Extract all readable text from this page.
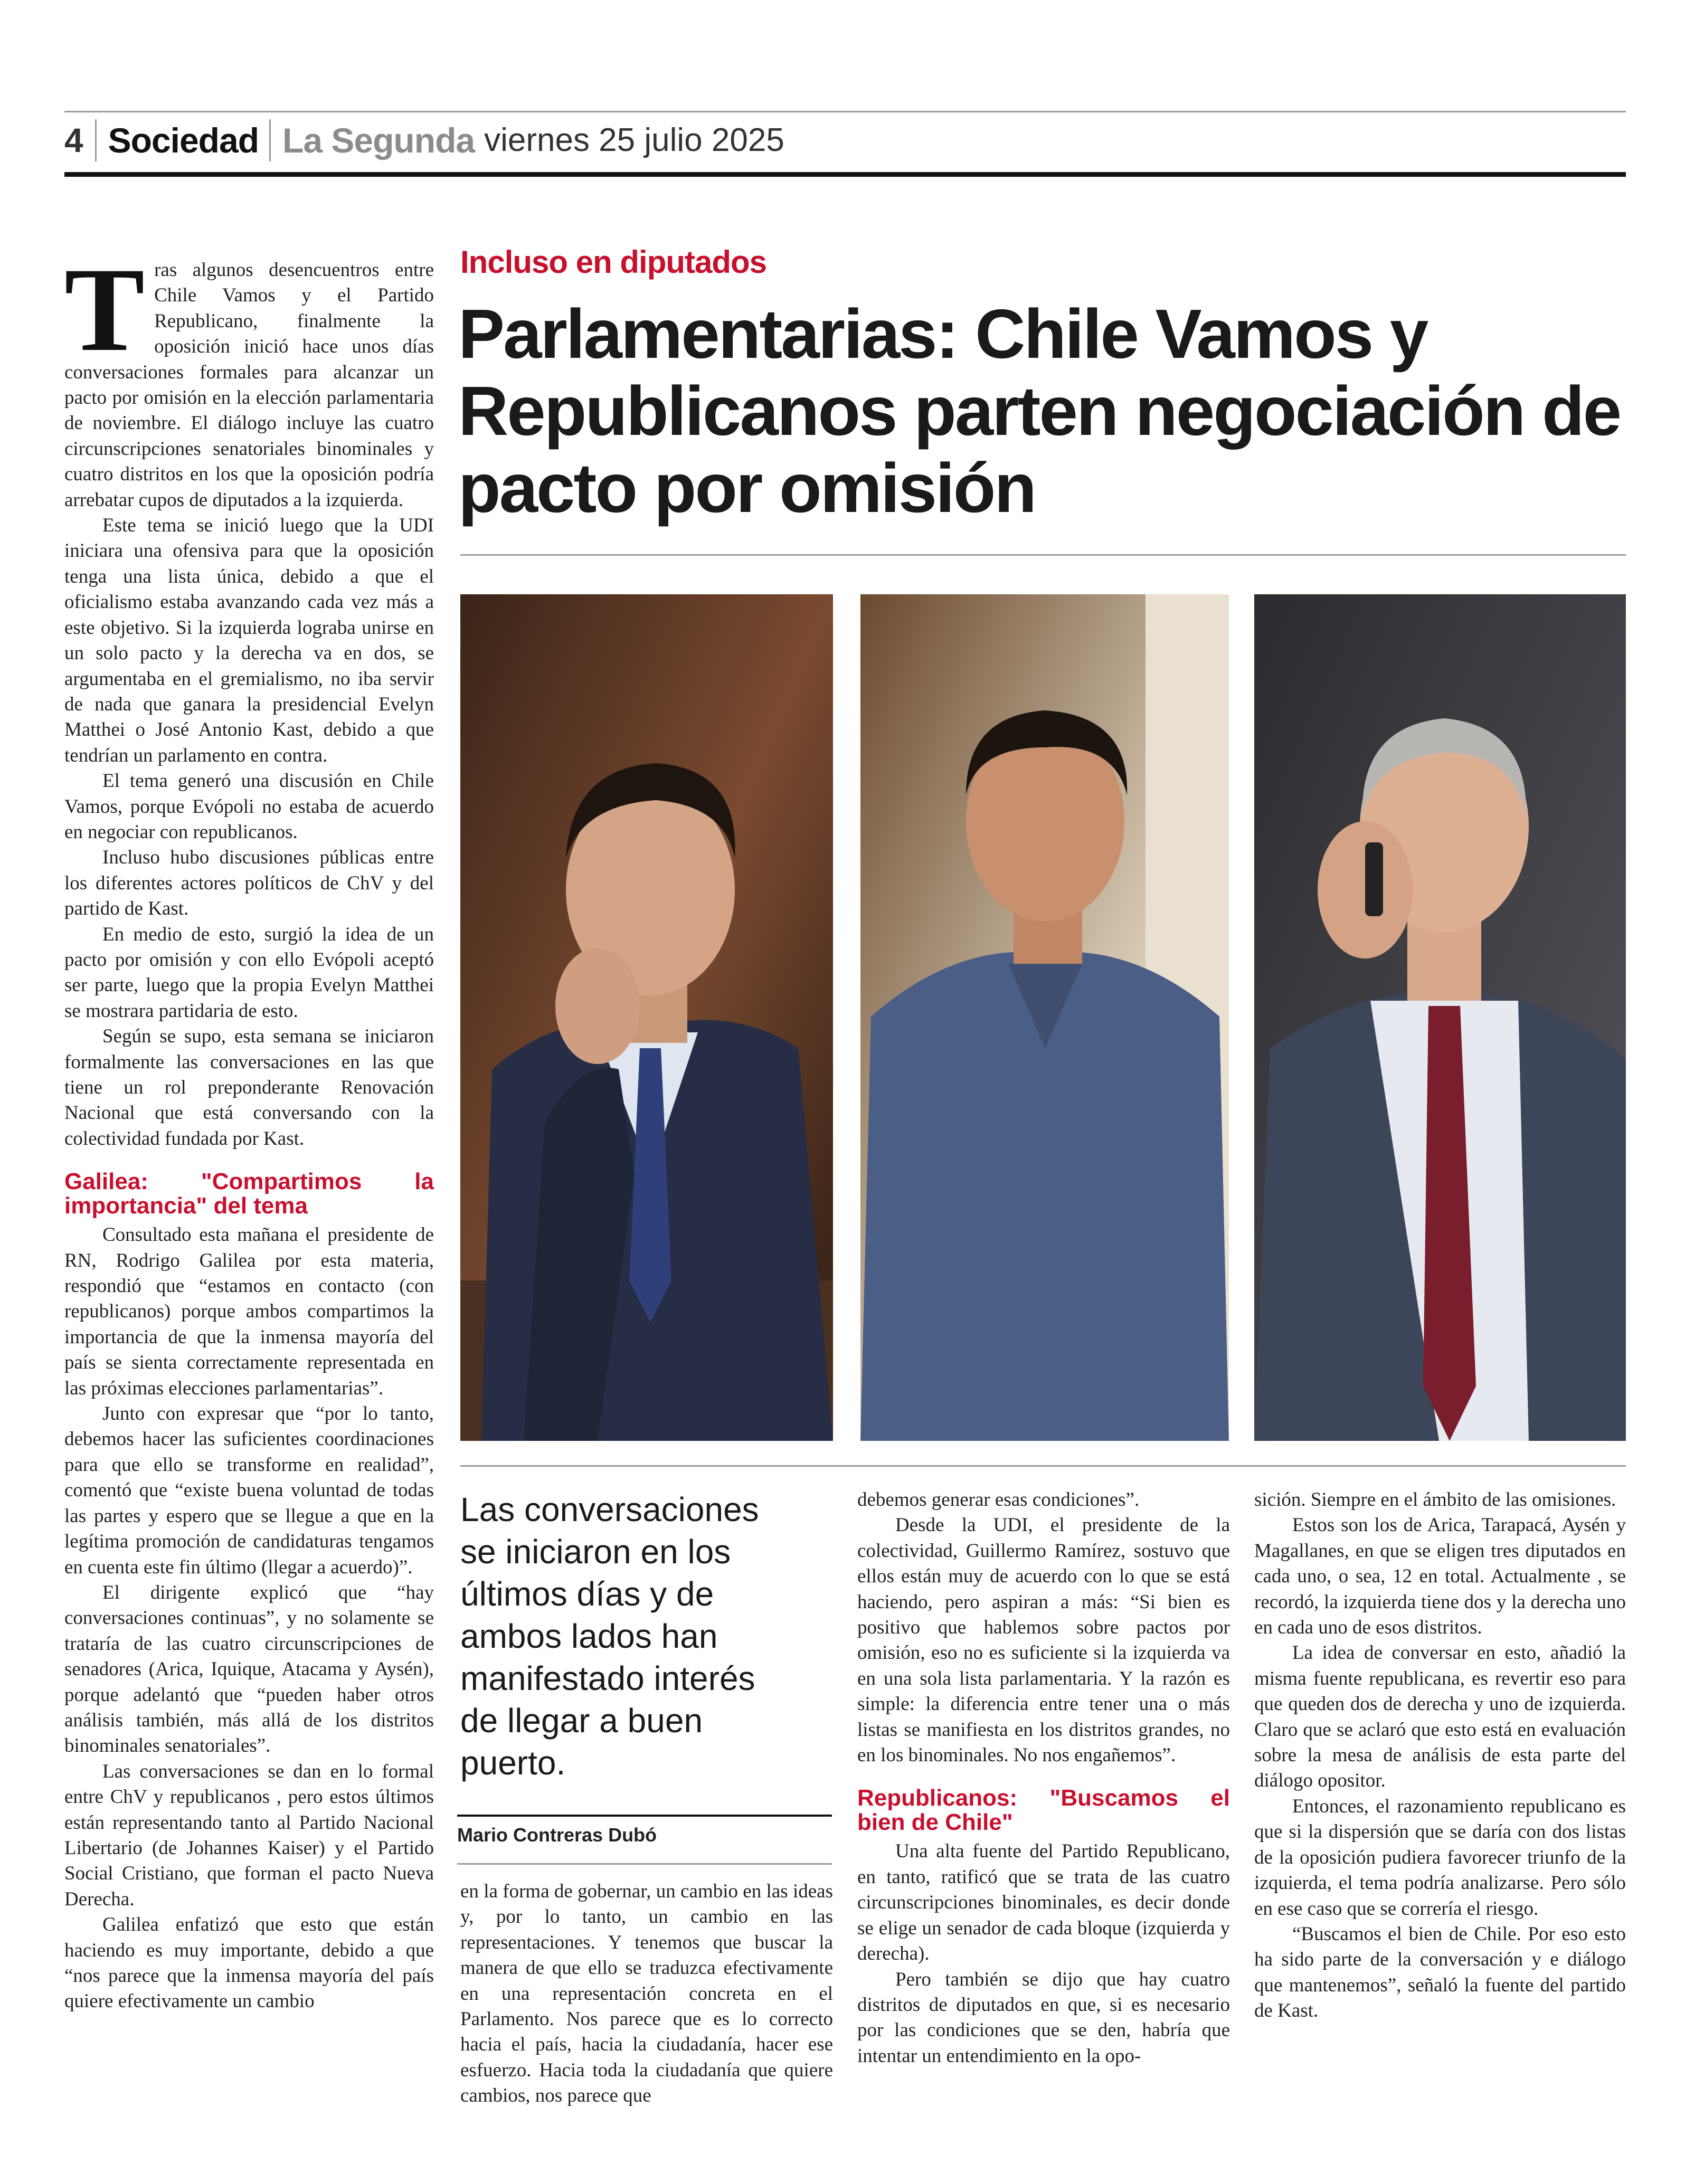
4 Sociedad La Segunda viernes 25 julio 2025

Tras algunos desencuentros entre Chile Vamos y el Partido Republicano, finalmente la oposición inició hace unos días conversaciones formales para alcanzar un pacto por omisión en la elección parlamentaria de noviembre. El diálogo incluye las cuatro circunscripciones senatoriales binominales y cuatro distritos en los que la oposición podría arrebatar cupos de diputados a la izquierda.

Este tema se inició luego que la UDI iniciara una ofensiva para que la oposición tenga una lista única, debido a que el oficialismo estaba avanzando cada vez más a este objetivo. Si la izquierda lograba unirse en un solo pacto y la derecha va en dos, se argumentaba en el gremialismo, no iba servir de nada que ganara la presidencial Evelyn Matthei o José Antonio Kast, debido a que tendrían un parlamento en contra.

El tema generó una discusión en Chile Vamos, porque Evópoli no estaba de acuerdo en negociar con republicanos.

Incluso hubo discusiones públicas entre los diferentes actores políticos de ChV y del partido de Kast.

En medio de esto, surgió la idea de un pacto por omisión y con ello Evópoli aceptó ser parte, luego que la propia Evelyn Matthei se mostrara partidaria de esto.

Según se supo, esta semana se iniciaron formalmente las conversaciones en las que tiene un rol preponderante Renovación Nacional que está conversando con la colectividad fundada por Kast.

Galilea: "Compartimos la importancia" del tema

Consultado esta mañana el presidente de RN, Rodrigo Galilea por esta materia, respondió que “estamos en contacto (con republicanos) porque ambos compartimos la importancia de que la inmensa mayoría del país se sienta correctamente representada en las próximas elecciones parlamentarias”.

Junto con expresar que “por lo tanto, debemos hacer las suficientes coordinaciones para que ello se transforme en realidad”, comentó que “existe buena voluntad de todas las partes y espero que se llegue a que en la legítima promoción de candidaturas tengamos en cuenta este fin último (llegar a acuerdo)”.

El dirigente explicó que “hay conversaciones continuas”, y no solamente se trataría de las cuatro circunscripciones de senadores (Arica, Iquique, Atacama y Aysén), porque adelantó que “pueden haber otros análisis también, más allá de los distritos binominales senatoriales”.

Las conversaciones se dan en lo formal entre ChV y republicanos , pero estos últimos están representando tanto al Partido Nacional Libertario (de Johannes Kaiser) y el Partido Social Cristiano, que forman el pacto Nueva Derecha.

Galilea enfatizó que esto que están haciendo es muy importante, debido a que “nos parece que la inmensa mayoría del país quiere efectivamente un cambio

Incluso en diputados
Parlamentarias: Chile Vamos y Republicanos parten negociación de pacto por omisión
Las conversaciones se iniciaron en los últimos días y de ambos lados han manifestado interés de llegar a buen puerto.
Mario Contreras Dubó

en la forma de gobernar, un cambio en las ideas y, por lo tanto, un cambio en las representaciones. Y tenemos que buscar la manera de que ello se traduzca efectivamente en una representación concreta en el Parlamento. Nos parece que es lo correcto hacia el país, hacia la ciudadanía, hacer ese esfuerzo. Hacia toda la ciudadanía que quiere cambios, nos parece que

debemos generar esas condiciones”.

Desde la UDI, el presidente de la colectividad, Guillermo Ramírez, sostuvo que ellos están muy de acuerdo con lo que se está haciendo, pero aspiran a más: “Si bien es positivo que hablemos sobre pactos por omisión, eso no es suficiente si la izquierda va en una sola lista parlamentaria. Y la razón es simple: la diferencia entre tener una o más listas se manifiesta en los distritos grandes, no en los binominales. No nos engañemos”.

Republicanos: "Buscamos el bien de Chile"

Una alta fuente del Partido Republicano, en tanto, ratificó que se trata de las cuatro circunscripciones binominales, es decir donde se elige un senador de cada bloque (izquierda y derecha).

Pero también se dijo que hay cuatro distritos de diputados en que, si es necesario por las condiciones que se den, habría que intentar un entendimiento en la opo-

sición. Siempre en el ámbito de las omisiones.

Estos son los de Arica, Tarapacá, Aysén y Magallanes, en que se eligen tres diputados en cada uno, o sea, 12 en total. Actualmente , se recordó, la izquierda tiene dos y la derecha uno en cada uno de esos distritos.

La idea de conversar en esto, añadió la misma fuente republicana, es revertir eso para que queden dos de derecha y uno de izquierda. Claro que se aclaró que esto está en evaluación sobre la mesa de análisis de esta parte del diálogo opositor.

Entonces, el razonamiento republicano es que si la dispersión que se daría con dos listas de la oposición pudiera favorecer triunfo de la izquierda, el tema podría analizarse. Pero sólo en ese caso que se correría el riesgo.

“Buscamos el bien de Chile. Por eso esto ha sido parte de la conversación y e diálogo que mantenemos”, señaló la fuente del partido de Kast.
